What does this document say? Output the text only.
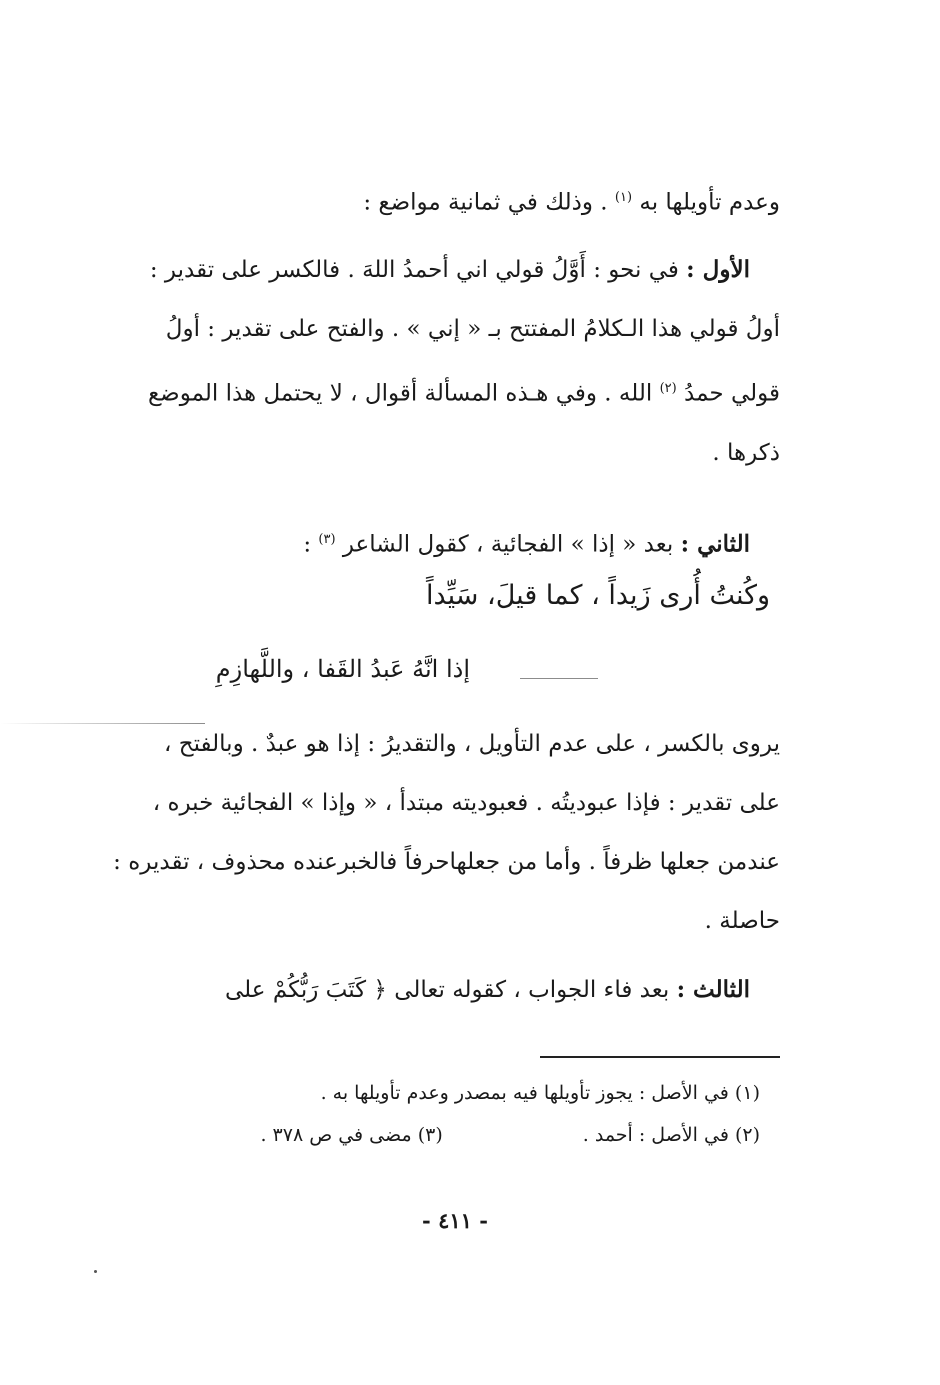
وعدم تأويلها به $^{(١)}$ . وذلك في ثمانية مواضع :
الأول : في نحو : أَوَّلُ قولي اني أحمدُ اللهَ . فالكسر على تقدير :
أولُ قولي هذا الـكلامُ المفتتح بـ « إني » . والفتح على تقدير : أولُ
قولي حمدُ $^{(٢)}$ الله . وفي هـذه المسألة أقوال ، لا يحتمل هذا الموضع
ذكرها .
الثاني : بعد « إذا » الفجائية ، كقول الشاعر $^{(٣)}$ :
وكُنتُ أُرى زَيداً ، كما قيلَ، سَيِّداً
إذا انَّهُ عَبدُ القَفا ، واللَّهازِمِ
يروى بالكسر ، على عدم التأويل ، والتقديرُ : إذا هو عبدٌ . وبالفتح ،
على تقدير : فإذا عبوديتُه . فعبوديته مبتدأ ، « وإذا » الفجائية خبره ،
عندمن جعلها ظرفاً . وأما من جعلهاحرفاً فالخبرعنده محذوف ، تقديره :
حاصلة .
الثالث : بعد فاء الجواب ، كقوله تعالى ﴿ كَتَبَ رَبُّكُمْ على
(١) في الأصل : يجوز تأويلها فيه بمصدر وعدم تأويلها به .
(٢) في الأصل : أحمد .(٣) مضى في ص ٣٧٨ .
- ٤١١ -
